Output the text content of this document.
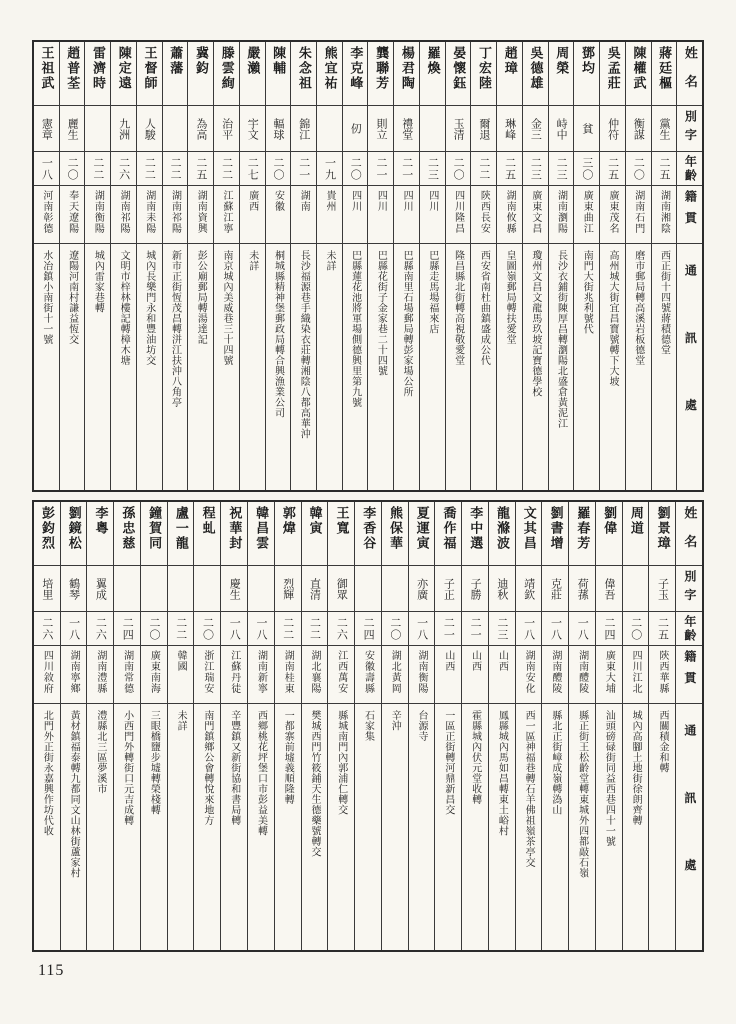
姓名
別字
年齡
籍貫
通訊處
蔣廷樞
黨生
二五
湖南湘陰
西正街十四號蔣積德堂
陳權武
衡謀
二〇
湖南石門
磨市郵局轉高溪岩板德堂
吳孟莊
仲符
二五
廣東茂名
高州城大街宜昌寶號轉下大坡
鄧均
貧
三〇
廣東曲江
南門大街兆利號代
周榮
峙中
二三
湖南瀏陽
長沙衣鋪街陳厚昌轉瀏陽北盛倉黃泥江
吳德雄
金三
二三
廣東文昌
瓊州文昌文龍馬玖坡記寶德學校
趙璋
琳峰
二五
湖南攸縣
皇圖嶺郵局轉扶愛堂
丁宏陸
爾退
二二
陝西長安
西安省南杜曲鎮盛成公代
晏懷鈺
玉清
二〇
四川隆昌
隆昌縣北街轉高視敬愛堂
羅煥
二三
四川
巴縣走馬場福來店
楊君陶
禮堂
二一
四川
巴縣南里石場郵局轉彭家場公所
龔聯芳
則立
二一
四川
巴縣花街子金家巷二十四號
李克峰
仞
二〇
四川
巴縣蓮花池將軍場側德興里第九號
熊宜祐
一九
貴州
未詳
朱念祖
錦江
二一
湖南
長沙福源巷手織染衣莊轉湘陰八都高華沖
陳輔
輻球
二〇
安徽
桐城縣精神堡郵政局轉合興漁業公司
嚴瀨
宇文
二七
廣西
未詳
滕雲絢
治平
二二
江蘇江寧
南京城內美威巷三十四號
冀鈞
為高
二五
湖南資興
彭公廟郵局轉湯達記
蕭藩
二二
湖南祁陽
新市正街恆茂昌轉洴江扶沖八角亭
王督師
人駿
二二
湖南耒陽
城內長樂門永和豐油坊交
陳定遠
九洲
二六
湖南祁陽
文明市梓林樓記轉樟木塘
雷濟時
二二
湖南衡陽
城內雷家巷轉
趙普荃
麗生
二〇
奉天遼陽
遼陽河南村謙益恆交
王祖武
憲章
一八
河南彰德
水冶鎮小南街十一號
姓名
別字
年齡
籍貫
通訊處
劉景璋
子玉
二五
陝西華縣
西關積金和轉
周道
二〇
四川江北
城內高腳土地街徐朗齊轉
劉偉
偉吾
二四
廣東大埔
汕頭磅碌街同益西巷四十一號
羅春芳
荷蓀
一八
湖南醴陵
縣正街王松齡堂轉東城外四都敲石嶺
劉書增
克莊
一八
湖南醴陵
縣北正街嶂成嶺轉溈山
文其昌
靖欽
一八
湖南安化
西一區神福巷轉石羊佛祖嶺茶亭交
龍滌波
迪秋
二三
山西
鳳縣城內馬如昌轉東土峪村
李中選
子勝
二一
山西
霍縣城內伏元堂收轉
喬作福
子正
二一
山西
一區正街轉河鼎新昌交
夏運寅
亦廣
一八
湖南衡陽
台源寺
熊保華
二〇
湖北黃岡
辛沖
李香谷
二四
安徽壽縣
石家集
王寬
御眾
二六
江西萬安
縣城南門內郭浦仁轉交
韓寅
直清
二二
湖北襄陽
樊城西門竹筱鋪天生德藥號轉交
郭煒
烈輝
二二
湖南桂東
一都寨前墟義順隆轉
韓昌雲
一八
湖南新寧
西鄉桃花坪堡口市彭益美轉
祝華封
慶生
一八
江蘇丹徒
辛豐鎮又新街協和書局轉
程虬
二〇
浙江瑞安
南門鎮鄉公會轉悅來地方
盧一龍
二二
韓國
未詳
鐘賀同
二〇
廣東南海
三眼橋鹽步墟轉榮棧轉
孫忠慈
二四
湖南常德
小西門外轉街口元吉成轉
李粵
翼成
二六
湖南澧縣
澧縣北三區夢溪市
劉鏡松
鶴琴
一八
湖南寧鄉
黃材鎮福泰轉九都同文山林街蘆家村
彭鈞烈
培里
二六
四川敘府
北門外正街永嘉興作坊代收
115
